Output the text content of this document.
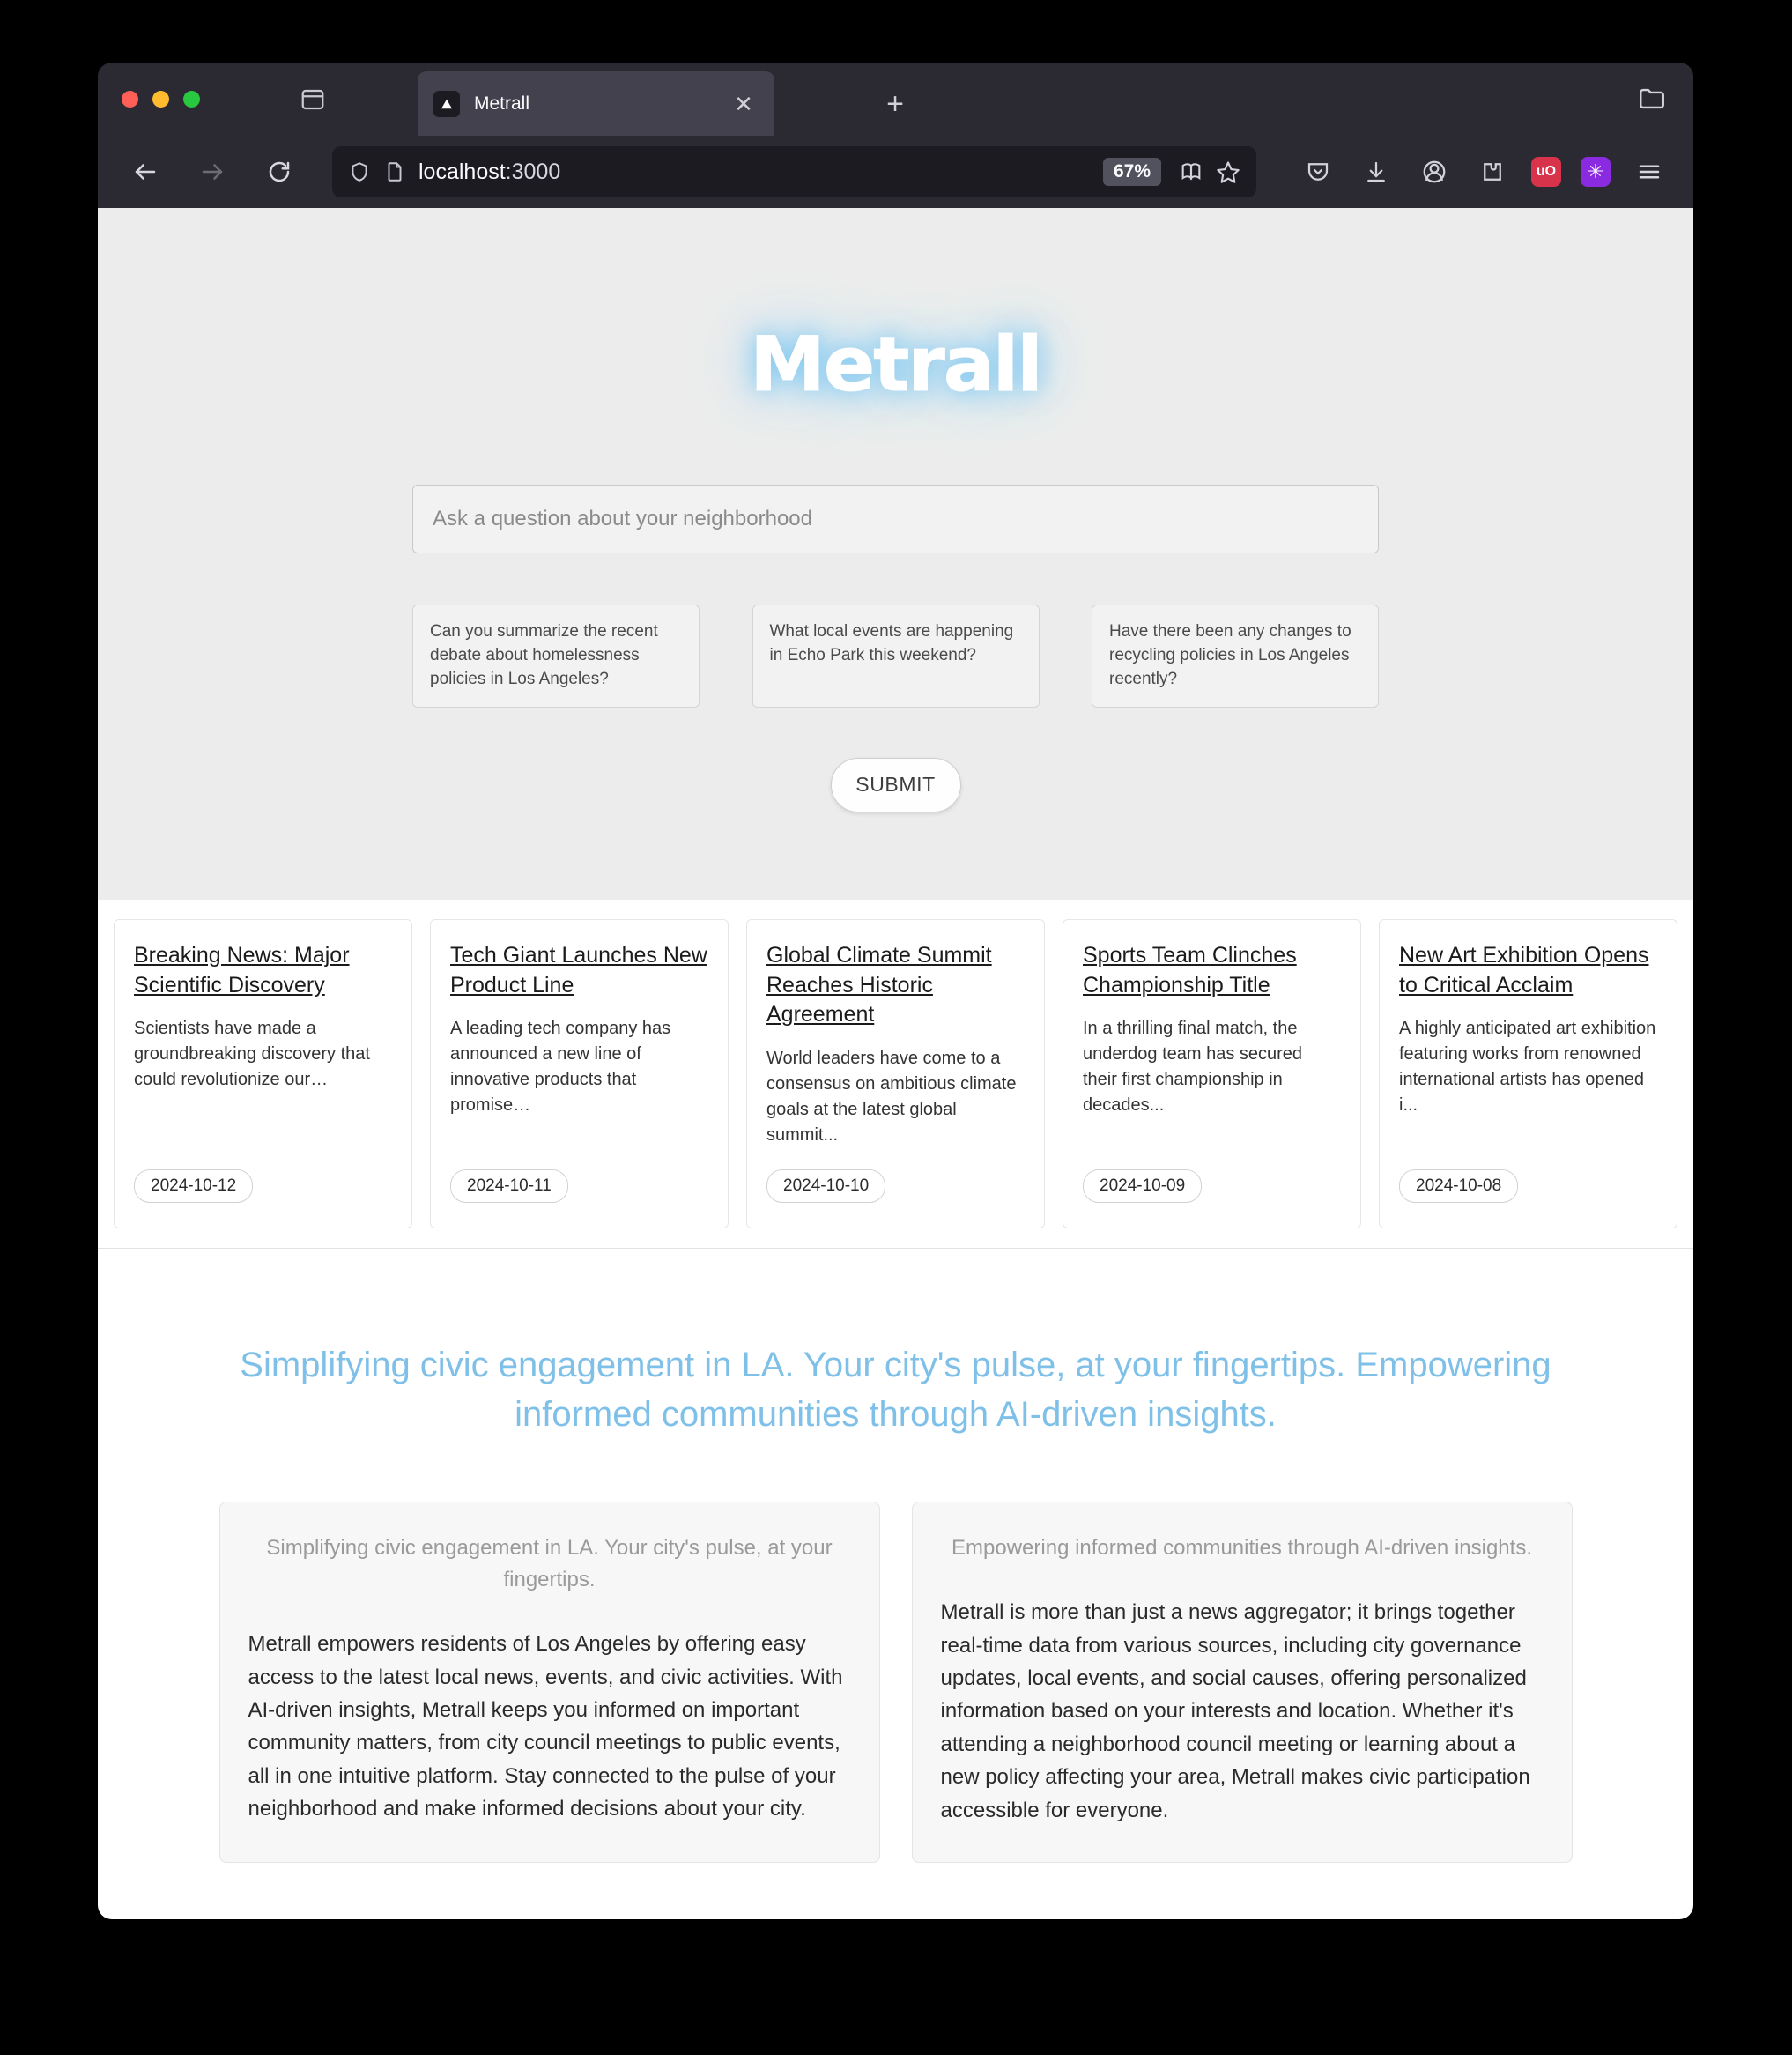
Metrall	✕	+
localhost:3000	67%	uO	✳
Metrall
Ask a question about your neighborhood
Can you summarize the recent debate about homelessness policies in Los Angeles?
What local events are happening in Echo Park this weekend?
Have there been any changes to recycling policies in Los Angeles recently?
SUBMIT
Breaking News: Major Scientific Discovery
Scientists have made a groundbreaking discovery that could revolutionize our…
2024-10-12
Tech Giant Launches New Product Line
A leading tech company has announced a new line of innovative products that promise…
2024-10-11
Global Climate Summit Reaches Historic Agreement
World leaders have come to a consensus on ambitious climate goals at the latest global summit...
2024-10-10
Sports Team Clinches Championship Title
In a thrilling final match, the underdog team has secured their first championship in decades...
2024-10-09
New Art Exhibition Opens to Critical Acclaim
A highly anticipated art exhibition featuring works from renowned international artists has opened i...
2024-10-08
Simplifying civic engagement in LA. Your city's pulse, at your fingertips. Empowering informed communities through AI-driven insights.
Simplifying civic engagement in LA. Your city's pulse, at your fingertips.
Metrall empowers residents of Los Angeles by offering easy access to the latest local news, events, and civic activities. With AI-driven insights, Metrall keeps you informed on important community matters, from city council meetings to public events, all in one intuitive platform. Stay connected to the pulse of your neighborhood and make informed decisions about your city.
Empowering informed communities through AI-driven insights.
Metrall is more than just a news aggregator; it brings together real-time data from various sources, including city governance updates, local events, and social causes, offering personalized information based on your interests and location. Whether it's attending a neighborhood council meeting or learning about a new policy affecting your area, Metrall makes civic participation accessible for everyone.
